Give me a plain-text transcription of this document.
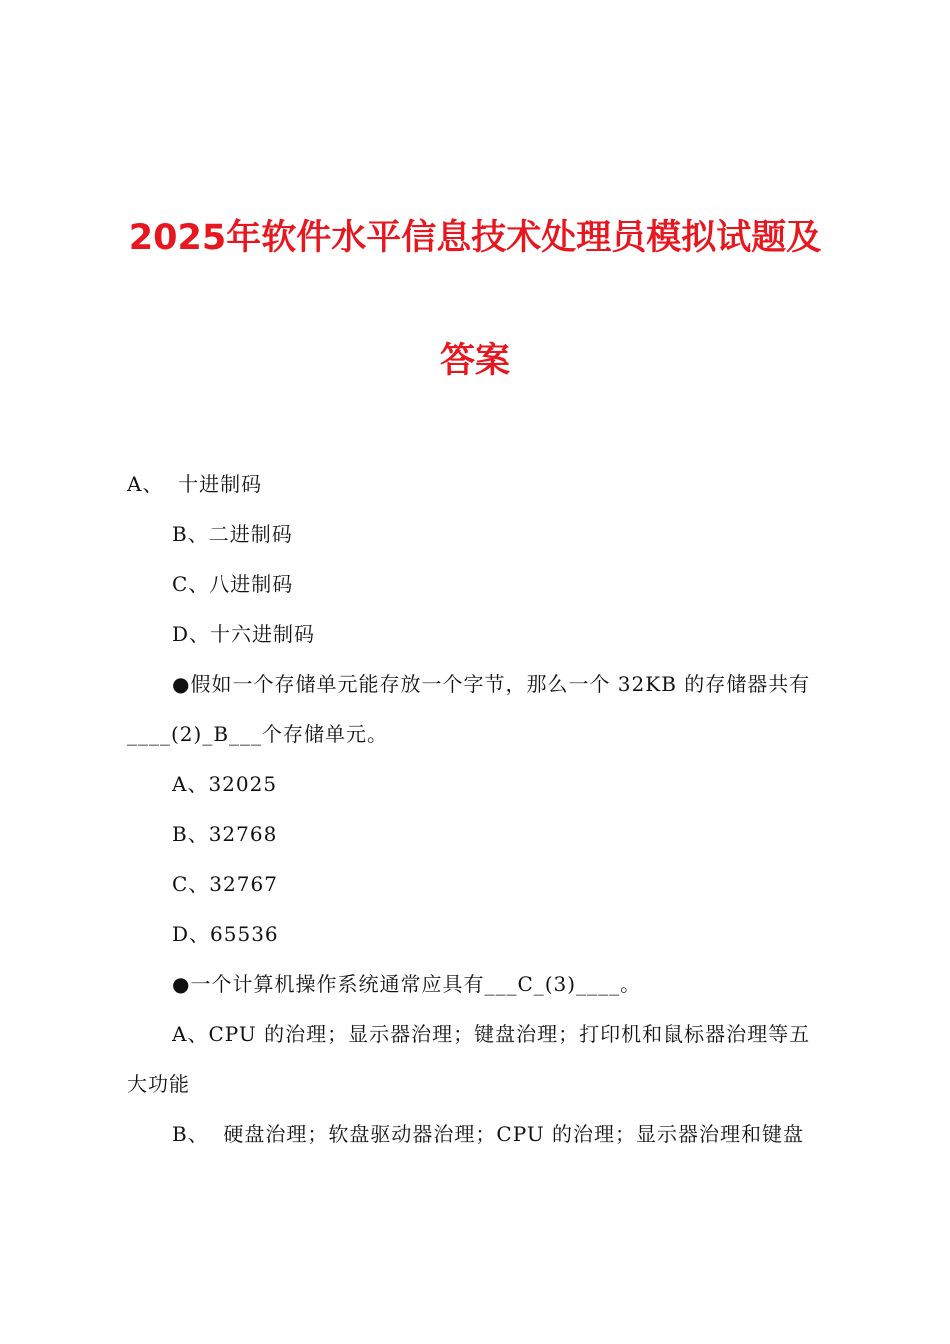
2025年软件水平信息技术处理员模拟试题及
答案
A、  十进制码
B、二进制码
C、八进制码
D、十六进制码
●假如一个存储单元能存放一个字节，那么一个 32KB 的存储器共有
____(2)_B___个存储单元。
A、32025
B、32768
C、32767
D、65536
●一个计算机操作系统通常应具有___C_(3)____。
A、CPU 的治理；显示器治理；键盘治理；打印机和鼠标器治理等五
大功能
B、  硬盘治理；软盘驱动器治理；CPU 的治理；显示器治理和键盘
